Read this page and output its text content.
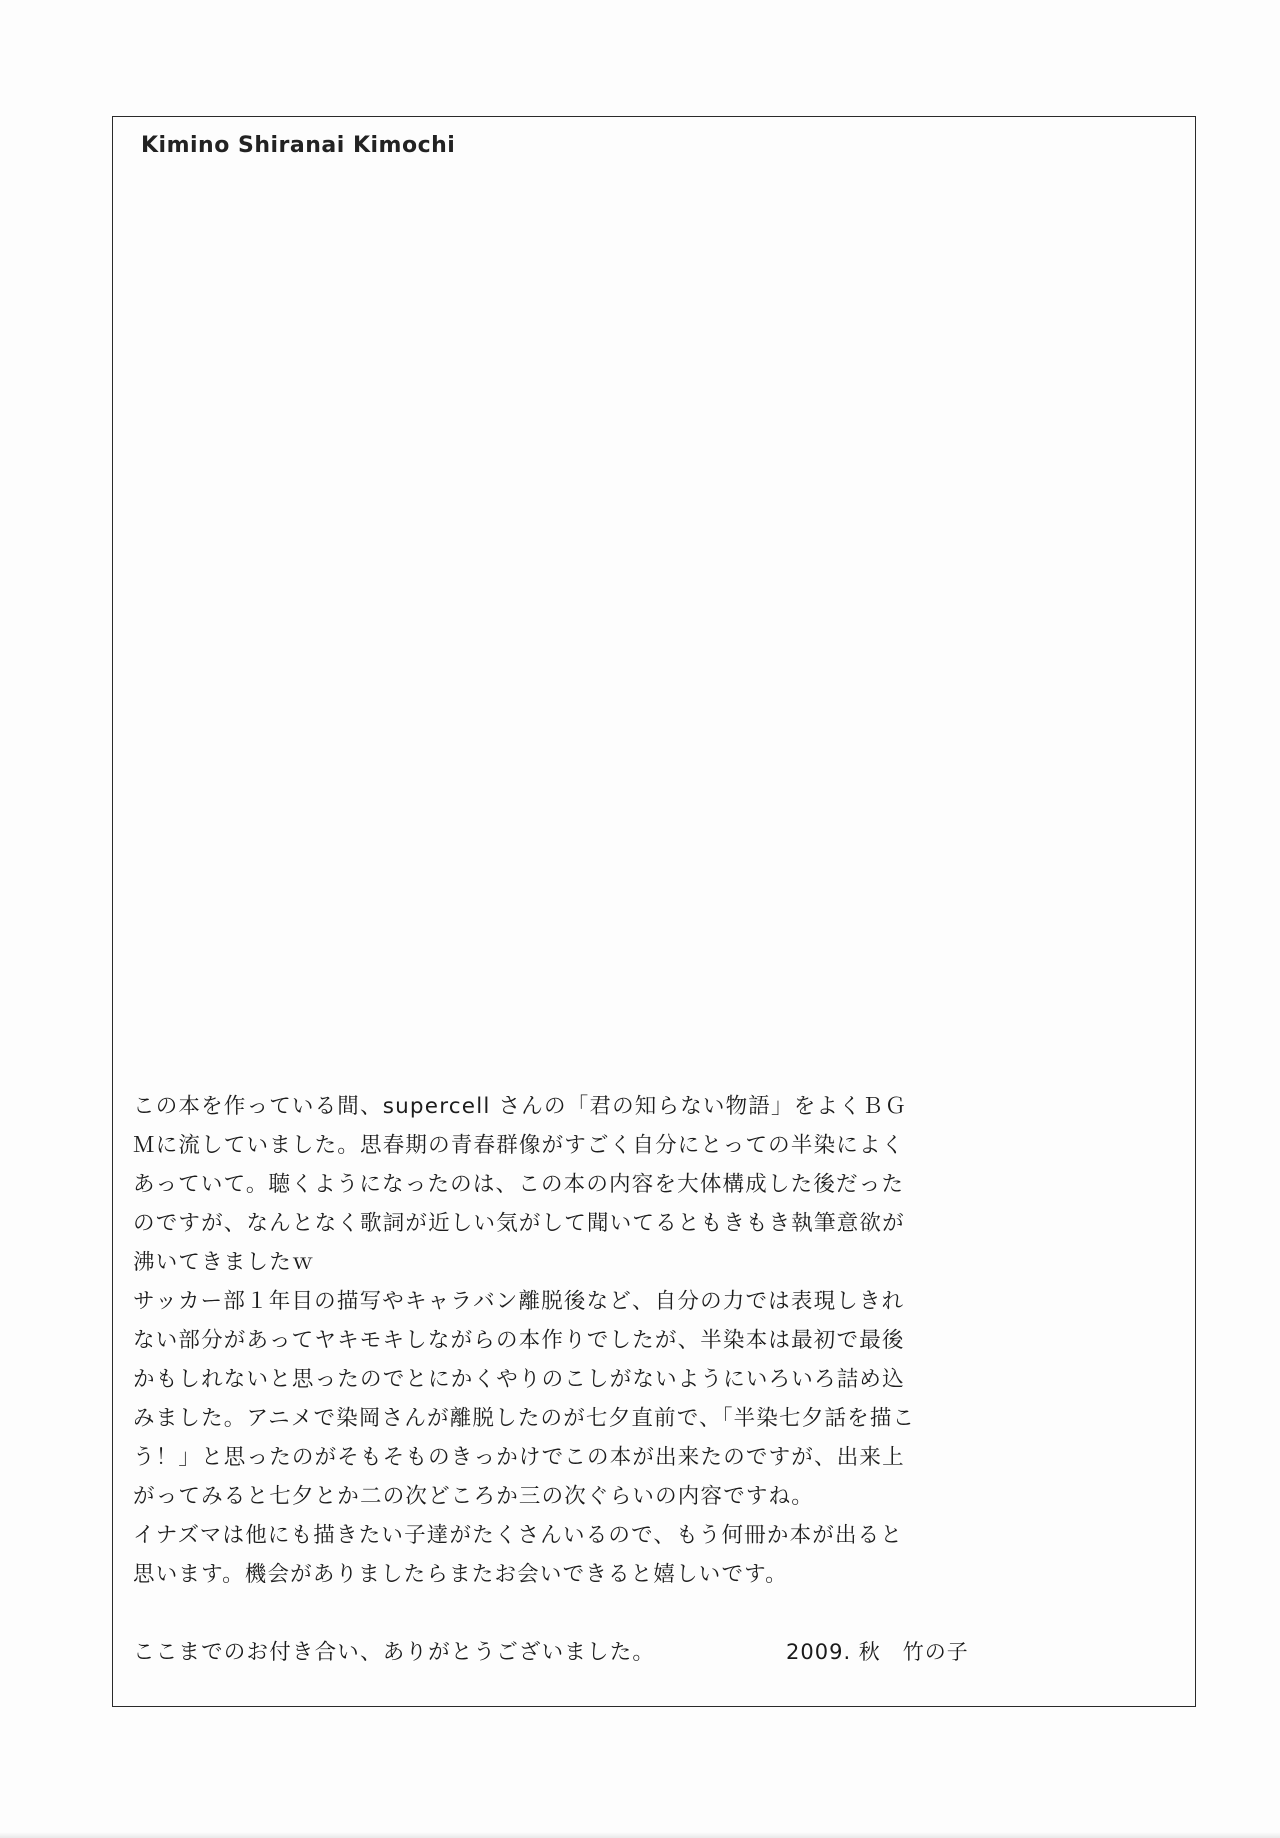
Kimino Shiranai Kimochi
この本を作っている間、supercell さんの「君の知らない物語」をよくＢＧ
Ｍに流していました。思春期の青春群像がすごく自分にとっての半染によく
あっていて。聴くようになったのは、この本の内容を大体構成した後だった
のですが、なんとなく歌詞が近しい気がして聞いてるともきもき執筆意欲が
沸いてきましたｗ
サッカー部１年目の描写やキャラバン離脱後など、自分の力では表現しきれ
ない部分があってヤキモキしながらの本作りでしたが、半染本は最初で最後
かもしれないと思ったのでとにかくやりのこしがないようにいろいろ詰め込
みました。アニメで染岡さんが離脱したのが七夕直前で、「半染七夕話を描こ
う！」と思ったのがそもそものきっかけでこの本が出来たのですが、出来上
がってみると七夕とか二の次どころか三の次ぐらいの内容ですね。
イナズマは他にも描きたい子達がたくさんいるので、もう何冊か本が出ると
思います。機会がありましたらまたお会いできると嬉しいです。
ここまでのお付き合い、ありがとうございました。	2009. 秋　竹の子
